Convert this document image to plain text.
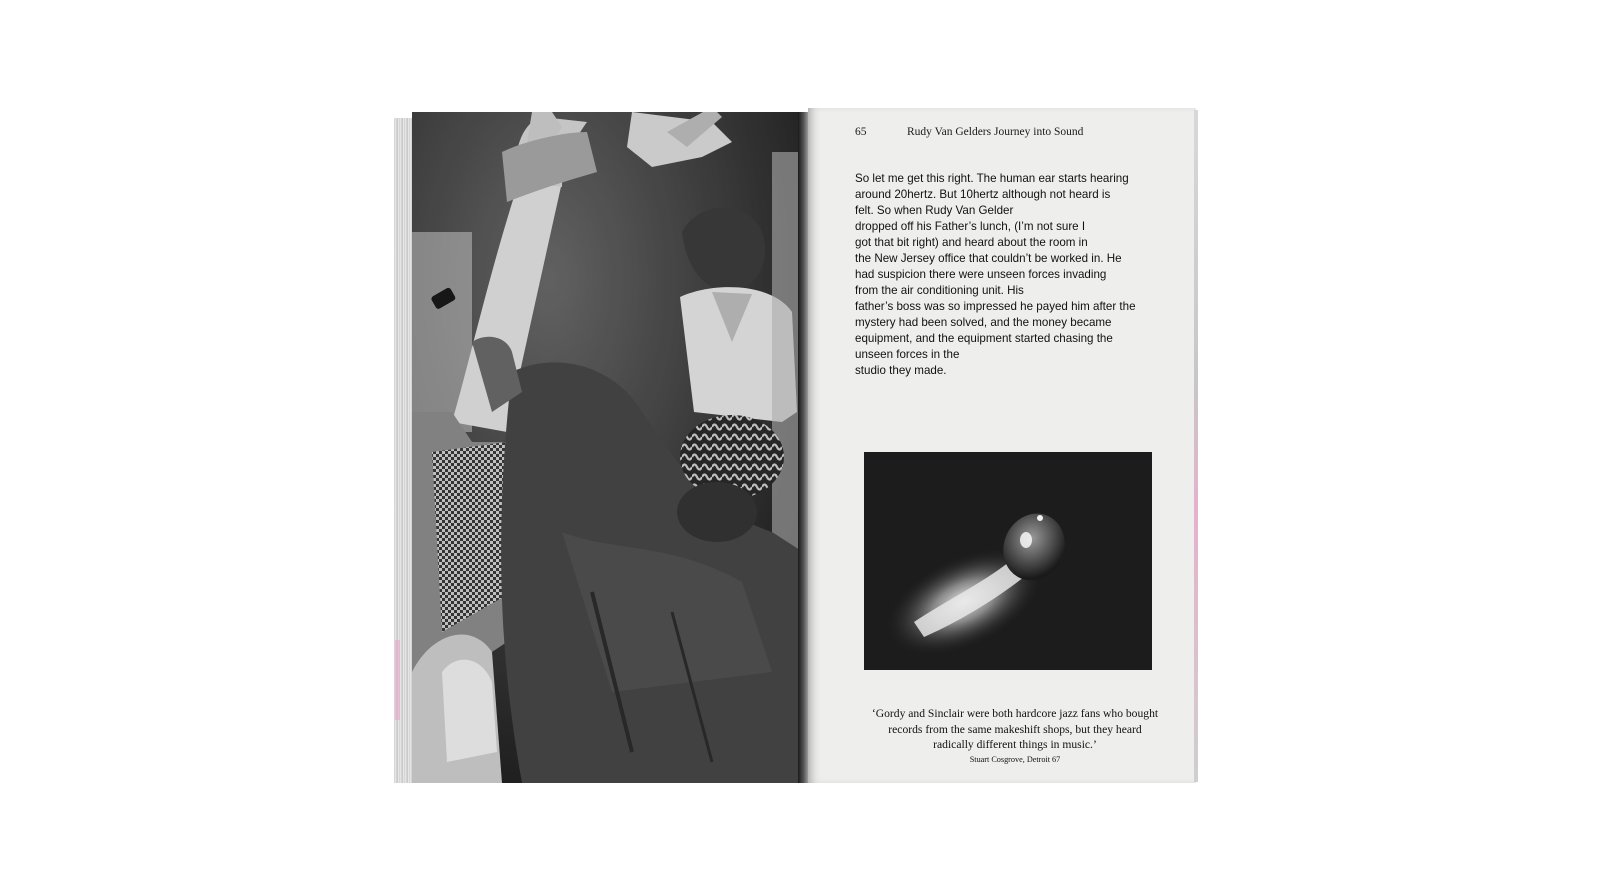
65	Rudy Van Gelders Journey into Sound
So let me get this right. The human ear starts hearing
around 20hertz. But 10hertz although not heard is
felt. So when Rudy Van Gelder
dropped off his Father’s lunch, (I’m not sure I
got that bit right) and heard about the room in
the New Jersey office that couldn’t be worked in. He
had suspicion there were unseen forces invading
from the air conditioning unit. His
father’s boss was so impressed he payed him after the
mystery had been solved, and the money became
equipment, and the equipment started chasing the
unseen forces in the
studio they made.
‘Gordy and Sinclair were both hardcore jazz fans who bought
records from the same makeshift shops, but they heard
radically different things in music.’
Stuart Cosgrove, Detroit 67
